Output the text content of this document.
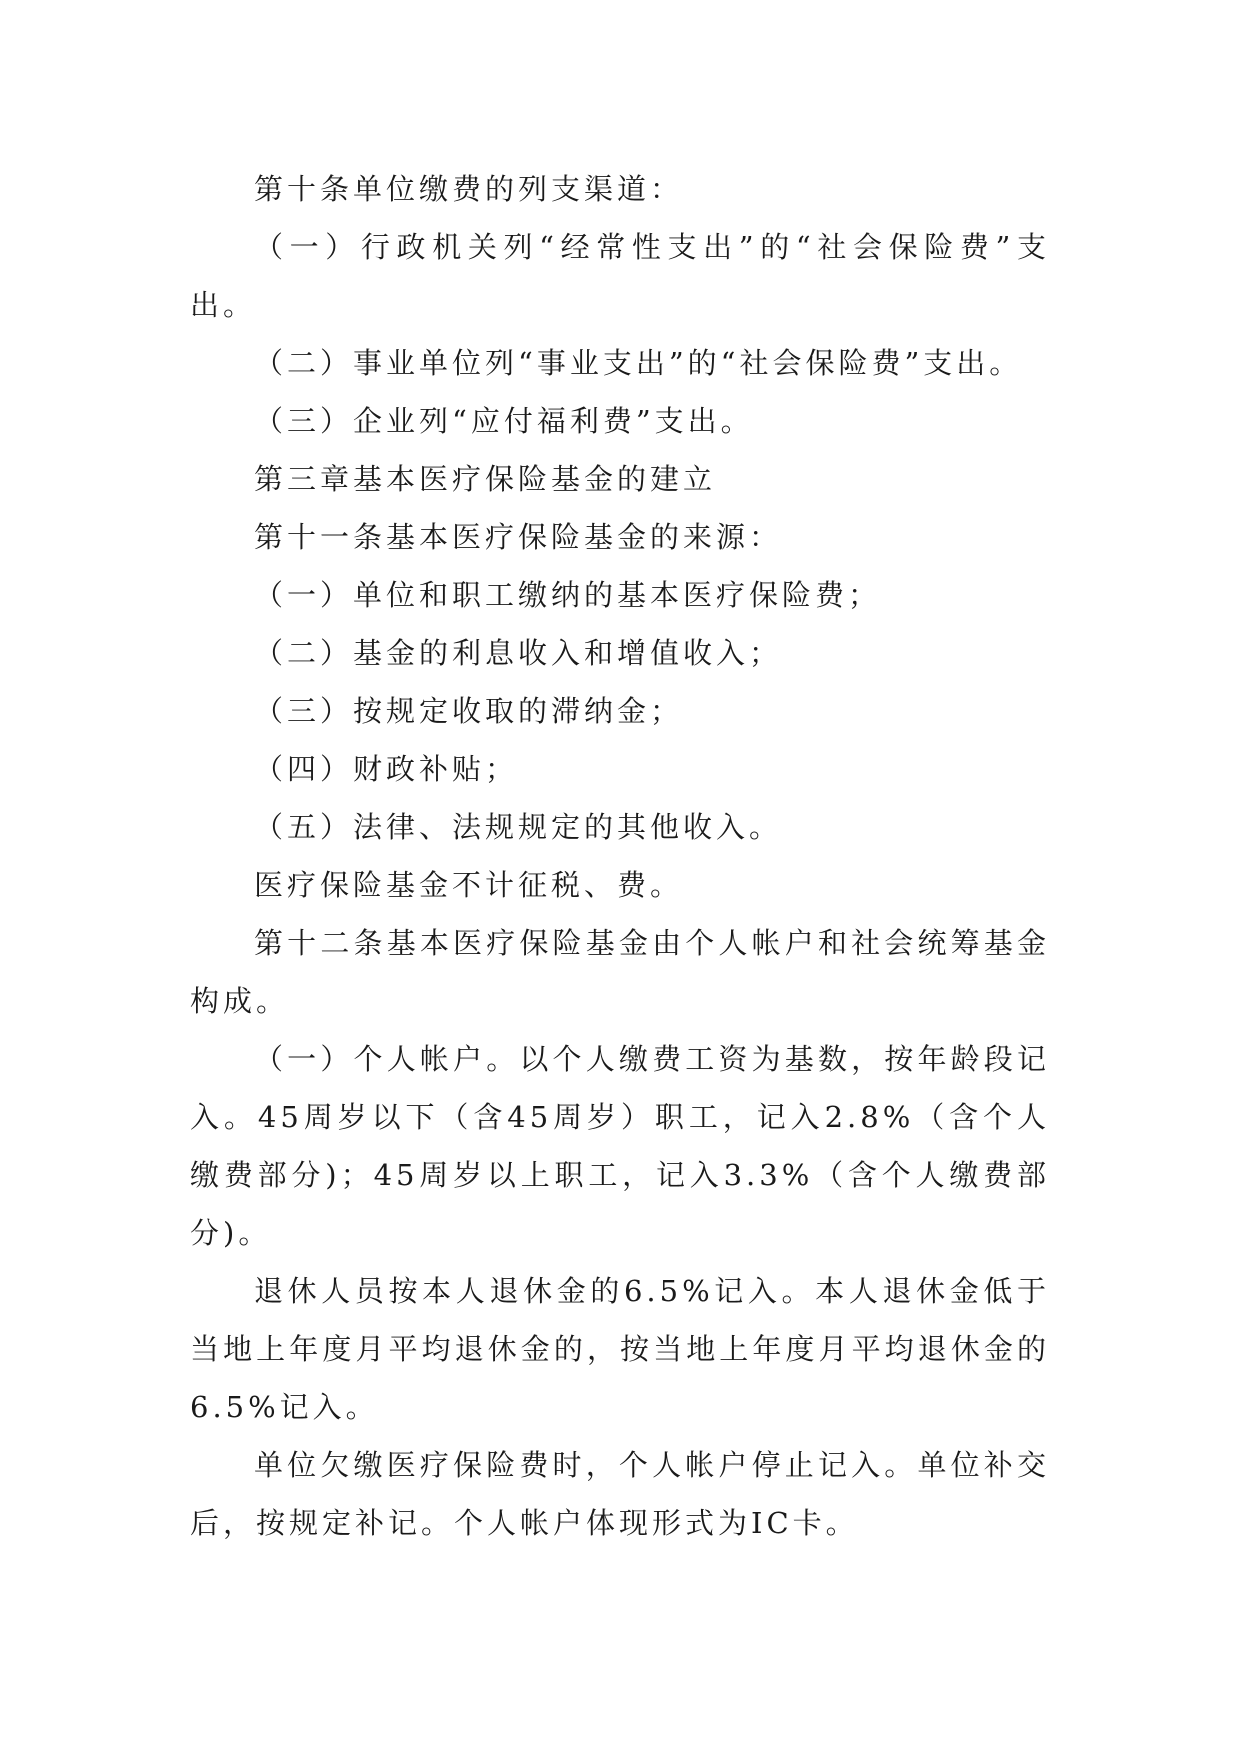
第十条单位缴费的列支渠道：

（一）行政机关列“经常性支出”的“社会保险费”支出。

（二）事业单位列“事业支出”的“社会保险费”支出。

（三）企业列“应付福利费”支出。

第三章基本医疗保险基金的建立

第十一条基本医疗保险基金的来源：

（一）单位和职工缴纳的基本医疗保险费；

（二）基金的利息收入和增值收入；

（三）按规定收取的滞纳金；

（四）财政补贴；

（五）法律、法规规定的其他收入。

医疗保险基金不计征税、费。

第十二条基本医疗保险基金由个人帐户和社会统筹基金构成。

（一）个人帐户。以个人缴费工资为基数，按年龄段记入。45周岁以下（含45周岁）职工，记入2.8%（含个人缴费部分)；45周岁以上职工，记入3.3%（含个人缴费部分)。

退休人员按本人退休金的6.5%记入。本人退休金低于当地上年度月平均退休金的，按当地上年度月平均退休金的6.5%记入。

单位欠缴医疗保险费时，个人帐户停止记入。单位补交后，按规定补记。个人帐户体现形式为IC卡。
